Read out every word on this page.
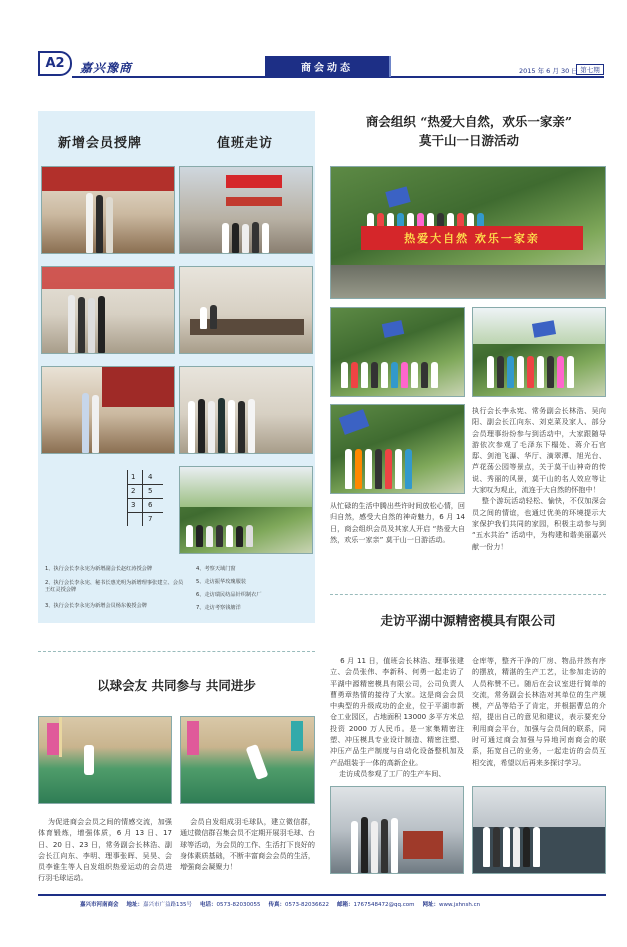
A2	嘉兴豫商	商会动态	2015 年 6 月 30 日 第七期
新增会员授牌	值班走访
1 4
2 5
3 6
7
1、执行会长李永宪为新增副会长赵红涛授会牌
2、执行会长李永宪、秘书长惠光明为新增理事张建立、会员王红灵授会牌
3、执行会长李永宪为新增会员杨东俊授会牌
4、考察天域门窗
5、走访振华玫瑰服装
6、走访瑞民纺品针织制衣厂
7、走访考察钱塘洋
商会组织 “热爱大自然，欢乐一家亲”
莫干山一日游活动
热爱大自然 欢乐一家亲
从忙碌的生活中腾出些许时间放松心情，回归自然，感受大自然的神奇魅力，6 月 14 日，商会组织会员及其家人开启 “热爱大自然，欢乐一家亲” 莫干山一日游活动。
执行会长李永宪、常务副会长林浩、吴向阳、副会长江向东、刘克菜及家人、部分会员理事纷纷参与到活动中，大家跟随导游依次参观了毛泽东下榻处、蒋介石官邸、剑池飞瀑、华厅、滴翠潭、旭光台、芦花荡公园等景点，关于莫干山神奇的传说、秀丽的风景，莫干山的名人效应等让大家叹为观止，流连于大自然的怀抱中！
整个游玩活动轻松、愉快，不仅加深会员之间的情谊，也通过优美的环境提示大家保护我们共同的家园，积极主动参与到 “五水共治” 活动中，为构建和谐美丽嘉兴献一份力！
走访平湖中源精密模具有限公司
6 月 11 日，值班会长林浩、理事张建立、会员张伟、李新科、何勇一起走访了平湖中源精密模具有限公司，公司负责人曹勇章热情的接待了大家。这是商会会员中典型的升级成功的企业，位于平湖市新仓工业园区，占地面积 13000 多平方米总投资 2000 万人民币。是一家集精密注塑、冲压模具专业设计制造、精密注塑、冲压产品生产制度与自动化设备整机加及产品组装于一体的高新企业。
走访成员参观了工厂的生产车间、
仓库等，整齐干净的厂房、物品井然有序的摆放，精湛的生产工艺，让参加走访的人员称赞不已。随后在会议室进行简单的交流，常务副会长林浩对其单位的生产规模，产品等给予了肯定，并根据曹总的介绍，提出自己的意见和建议，表示要充分利用商会平台，加强与会员间的联系，同时可通过商会加强与异地河南商会的联系，拓宽自己的业务，一起走访的会员互相交流，希望以后再来多探讨学习。
以球会友 共同参与 共同进步
为促进商会会员之间的情感交流，加强体育锻炼，增强体质，6 月 13 日、17 日、20 日、23 日，常务副会长林浩、副会长江向东、李明、理事张晖、吴昊、会员李谁生等人自发组织热爱运动的会员进行羽毛球运动。
会员自发组成羽毛球队，建立微信群，通过微信群召集会员不定期开展羽毛球、台球等活动，为会员的工作、生活打下良好的身体素质基础，不断丰富商会会员的生活，增强商会凝聚力！
嘉兴市河南商会 地址：嘉兴市广益路135号 电话：0573-82030055 传真：0573-82036622 邮箱：1767548472@qq.com 网址：www.jxhnsh.cn
